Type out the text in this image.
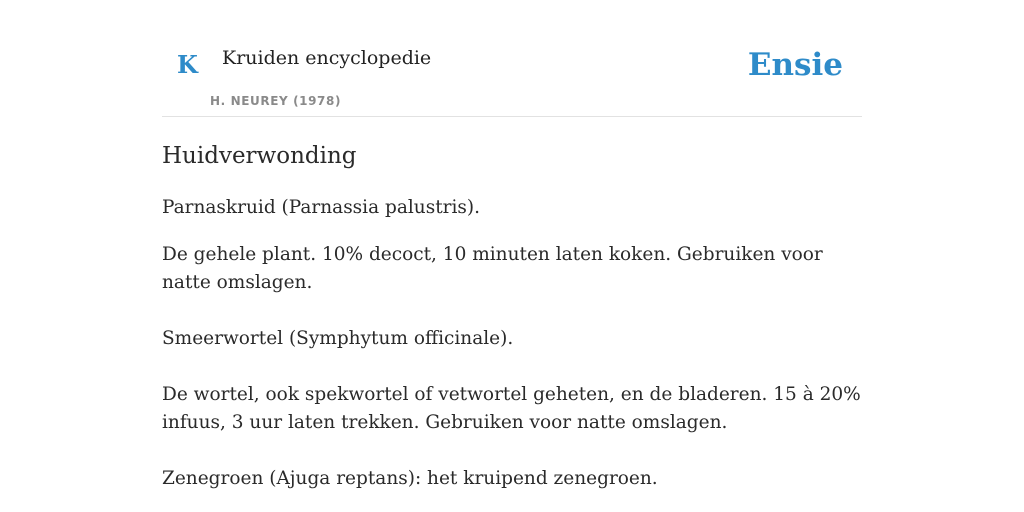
K Kruiden encyclopedie
H. NEUREY (1978)
Ensie
Huidverwonding

Parnaskruid (Parnassia palustris).

De gehele plant. 10% decoct, 10 minuten laten koken. Gebruiken voor natte omslagen.

Smeerwortel (Symphytum officinale).

De wortel, ook spekwortel of vetwortel geheten, en de bladeren. 15 à 20% infuus, 3 uur laten trekken. Gebruiken voor natte omslagen.

Zenegroen (Ajuga reptans): het kruipend zenegroen.
